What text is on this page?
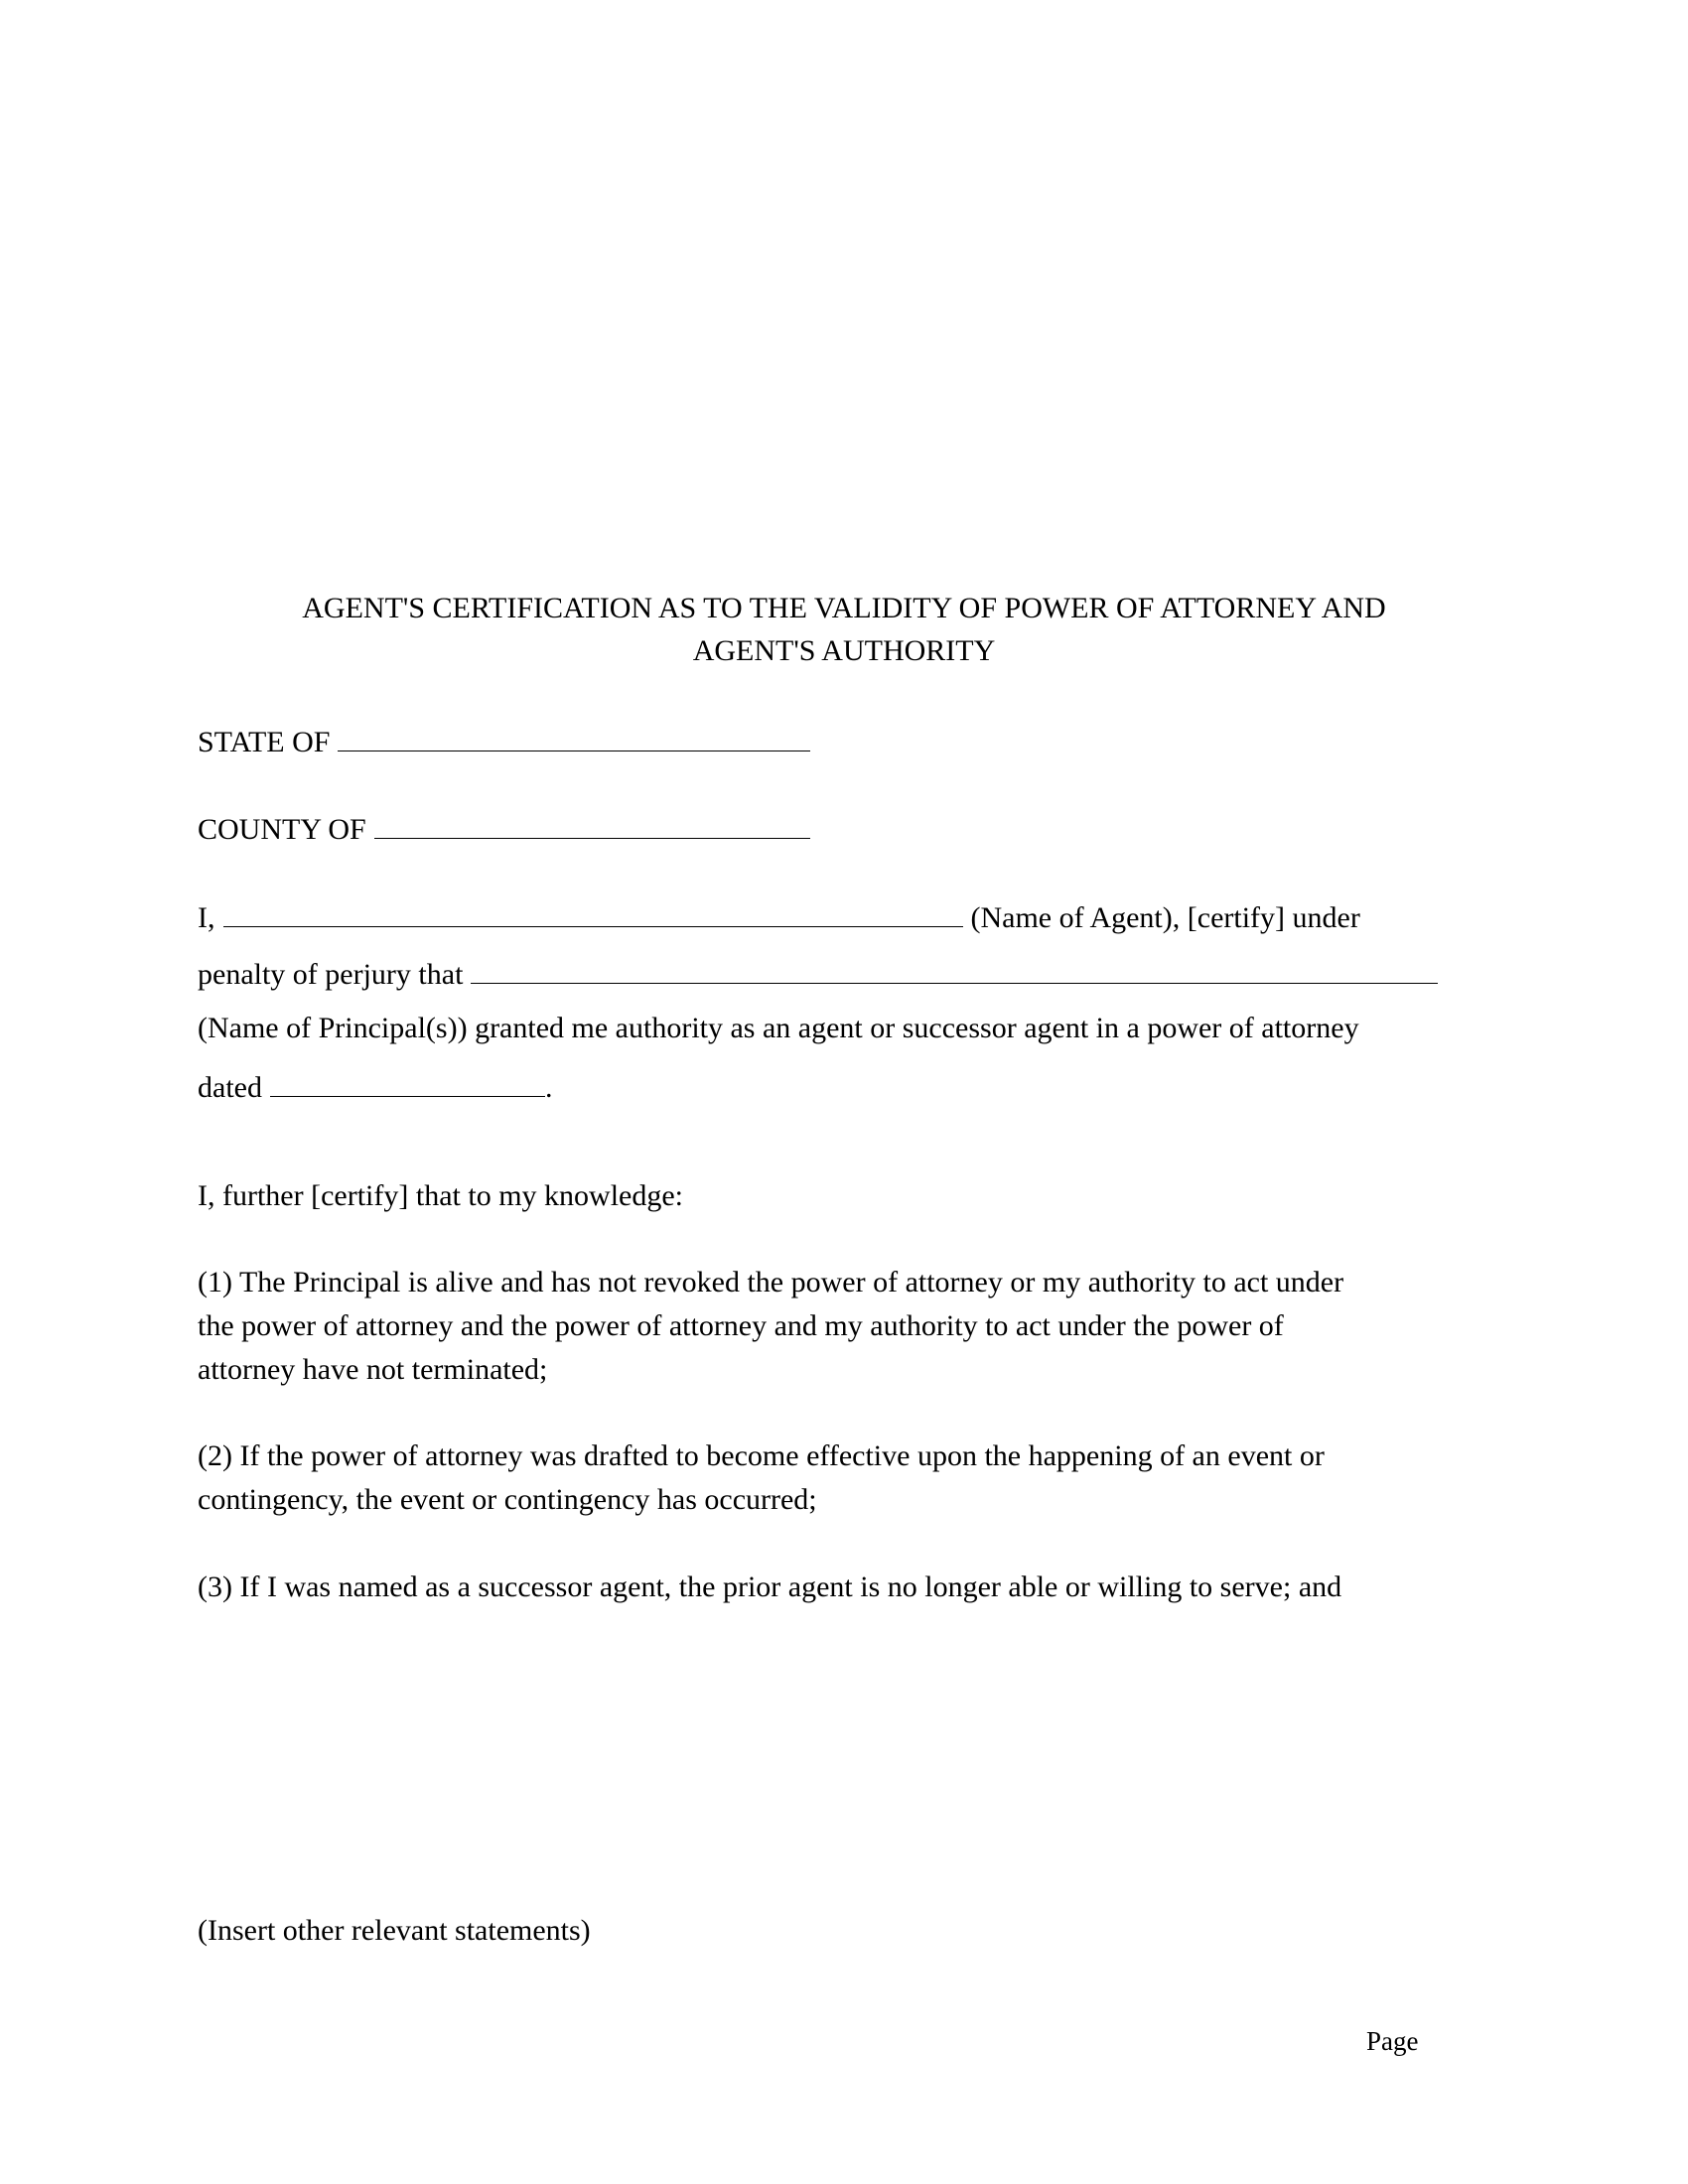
AGENT'S CERTIFICATION AS TO THE VALIDITY OF POWER OF ATTORNEY AND
AGENT'S AUTHORITY
STATE OF
COUNTY OF
I,	(Name of Agent), [certify] under
penalty of perjury that
(Name of Principal(s)) granted me authority as an agent or successor agent in a power of attorney
dated	.
I, further [certify] that to my knowledge:
(1) The Principal is alive and has not revoked the power of attorney or my authority to act under
the power of attorney and the power of attorney and my authority to act under the power of
attorney have not terminated;
(2) If the power of attorney was drafted to become effective upon the happening of an event or
contingency, the event or contingency has occurred;
(3) If I was named as a successor agent, the prior agent is no longer able or willing to serve; and
(Insert other relevant statements)
Page
